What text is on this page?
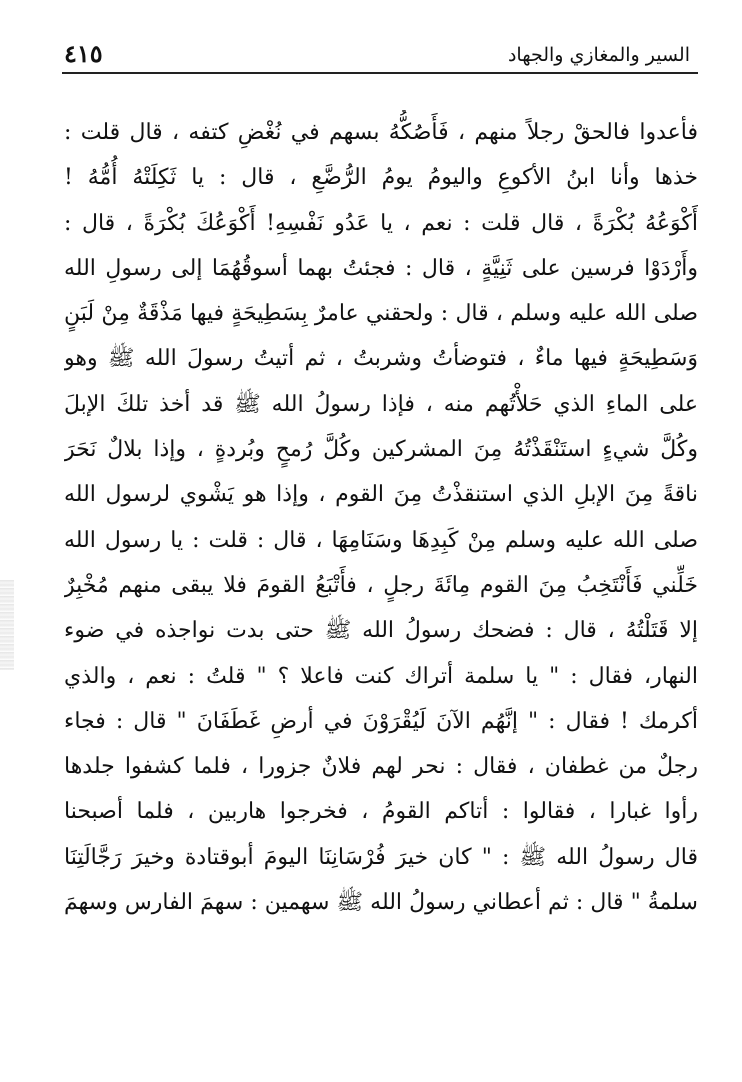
٤١٥	السير والمغازي والجهاد
فأعدوا فالحقْ رجلاً منهم ، فَأَصُكُّهُ بسهم في نُغْضِ كتفه ، قال قلت :
خذها وأنا ابنُ الأكوعِ واليومُ يومُ الرُّضَّعِ ، قال : يا ثَكِلَتْهُ أُمُّهُ !
أَكْوَعُهُ بُكْرَةً ، قال قلت : نعم ، يا عَدُو نَفْسِهِ! أَكْوَعُكَ بُكْرَةً ، قال :
وأَرْدَوْا فرسين على ثَنِيَّةٍ ، قال : فجئتُ بهما أسوقُهُمَا إلى رسولِ الله
صلى الله عليه وسلم ، قال : ولحقني عامرٌ بِسَطِيحَةٍ فيها مَذْقَةٌ مِنْ لَبَنٍ
وَسَطِيحَةٍ فيها ماءٌ ، فتوضأتُ وشربتُ ، ثم أتيتُ رسولَ الله ﷺ وهو
على الماءِ الذي حَلأْتُهم منه ، فإذا رسولُ الله ﷺ قد أخذ تلكَ الإبلَ
وكُلَّ شيءٍ استَنْقَذْتُهُ مِنَ المشركين وكُلَّ رُمحٍ وبُردةٍ ، وإذا بلالٌ نَحَرَ
ناقةً مِنَ الإبلِ الذي استنقذْتُ مِنَ القوم ، وإذا هو يَشْوي لرسول الله
صلى الله عليه وسلم مِنْ كَبِدِهَا وسَنَامِهَا ، قال : قلت : يا رسول الله
خَلِّني فَأَنْتَخِبُ مِنَ القوم مِائَةَ رجلٍ ، فأَتْبَعُ القومَ فلا يبقى منهم مُخْبِرٌ
إلا قَتَلْتُهُ ، قال : فضحك رسولُ الله ﷺ حتى بدت نواجذه في ضوء
النهار، فقال : " يا سلمة أتراك كنت فاعلا ؟ " قلتُ : نعم ، والذي
أكرمك ! فقال : " إنَّهُم الآنَ لَيُقْرَوْنَ في أرضِ غَطَفَانَ " قال : فجاء
رجلٌ من غطفان ، فقال : نحر لهم فلانٌ جزورا ، فلما كشفوا جلدها
رأوا غبارا ، فقالوا : أتاكم القومُ ، فخرجوا هاربين ، فلما أصبحنا
قال رسولُ الله ﷺ : " كان خيرَ فُرْسَانِنَا اليومَ أبوقتادة وخيرَ رَجَّالَتِنَا
سلمةُ " قال : ثم أعطاني رسولُ الله ﷺ سهمين : سهمَ الفارس وسهمَ
